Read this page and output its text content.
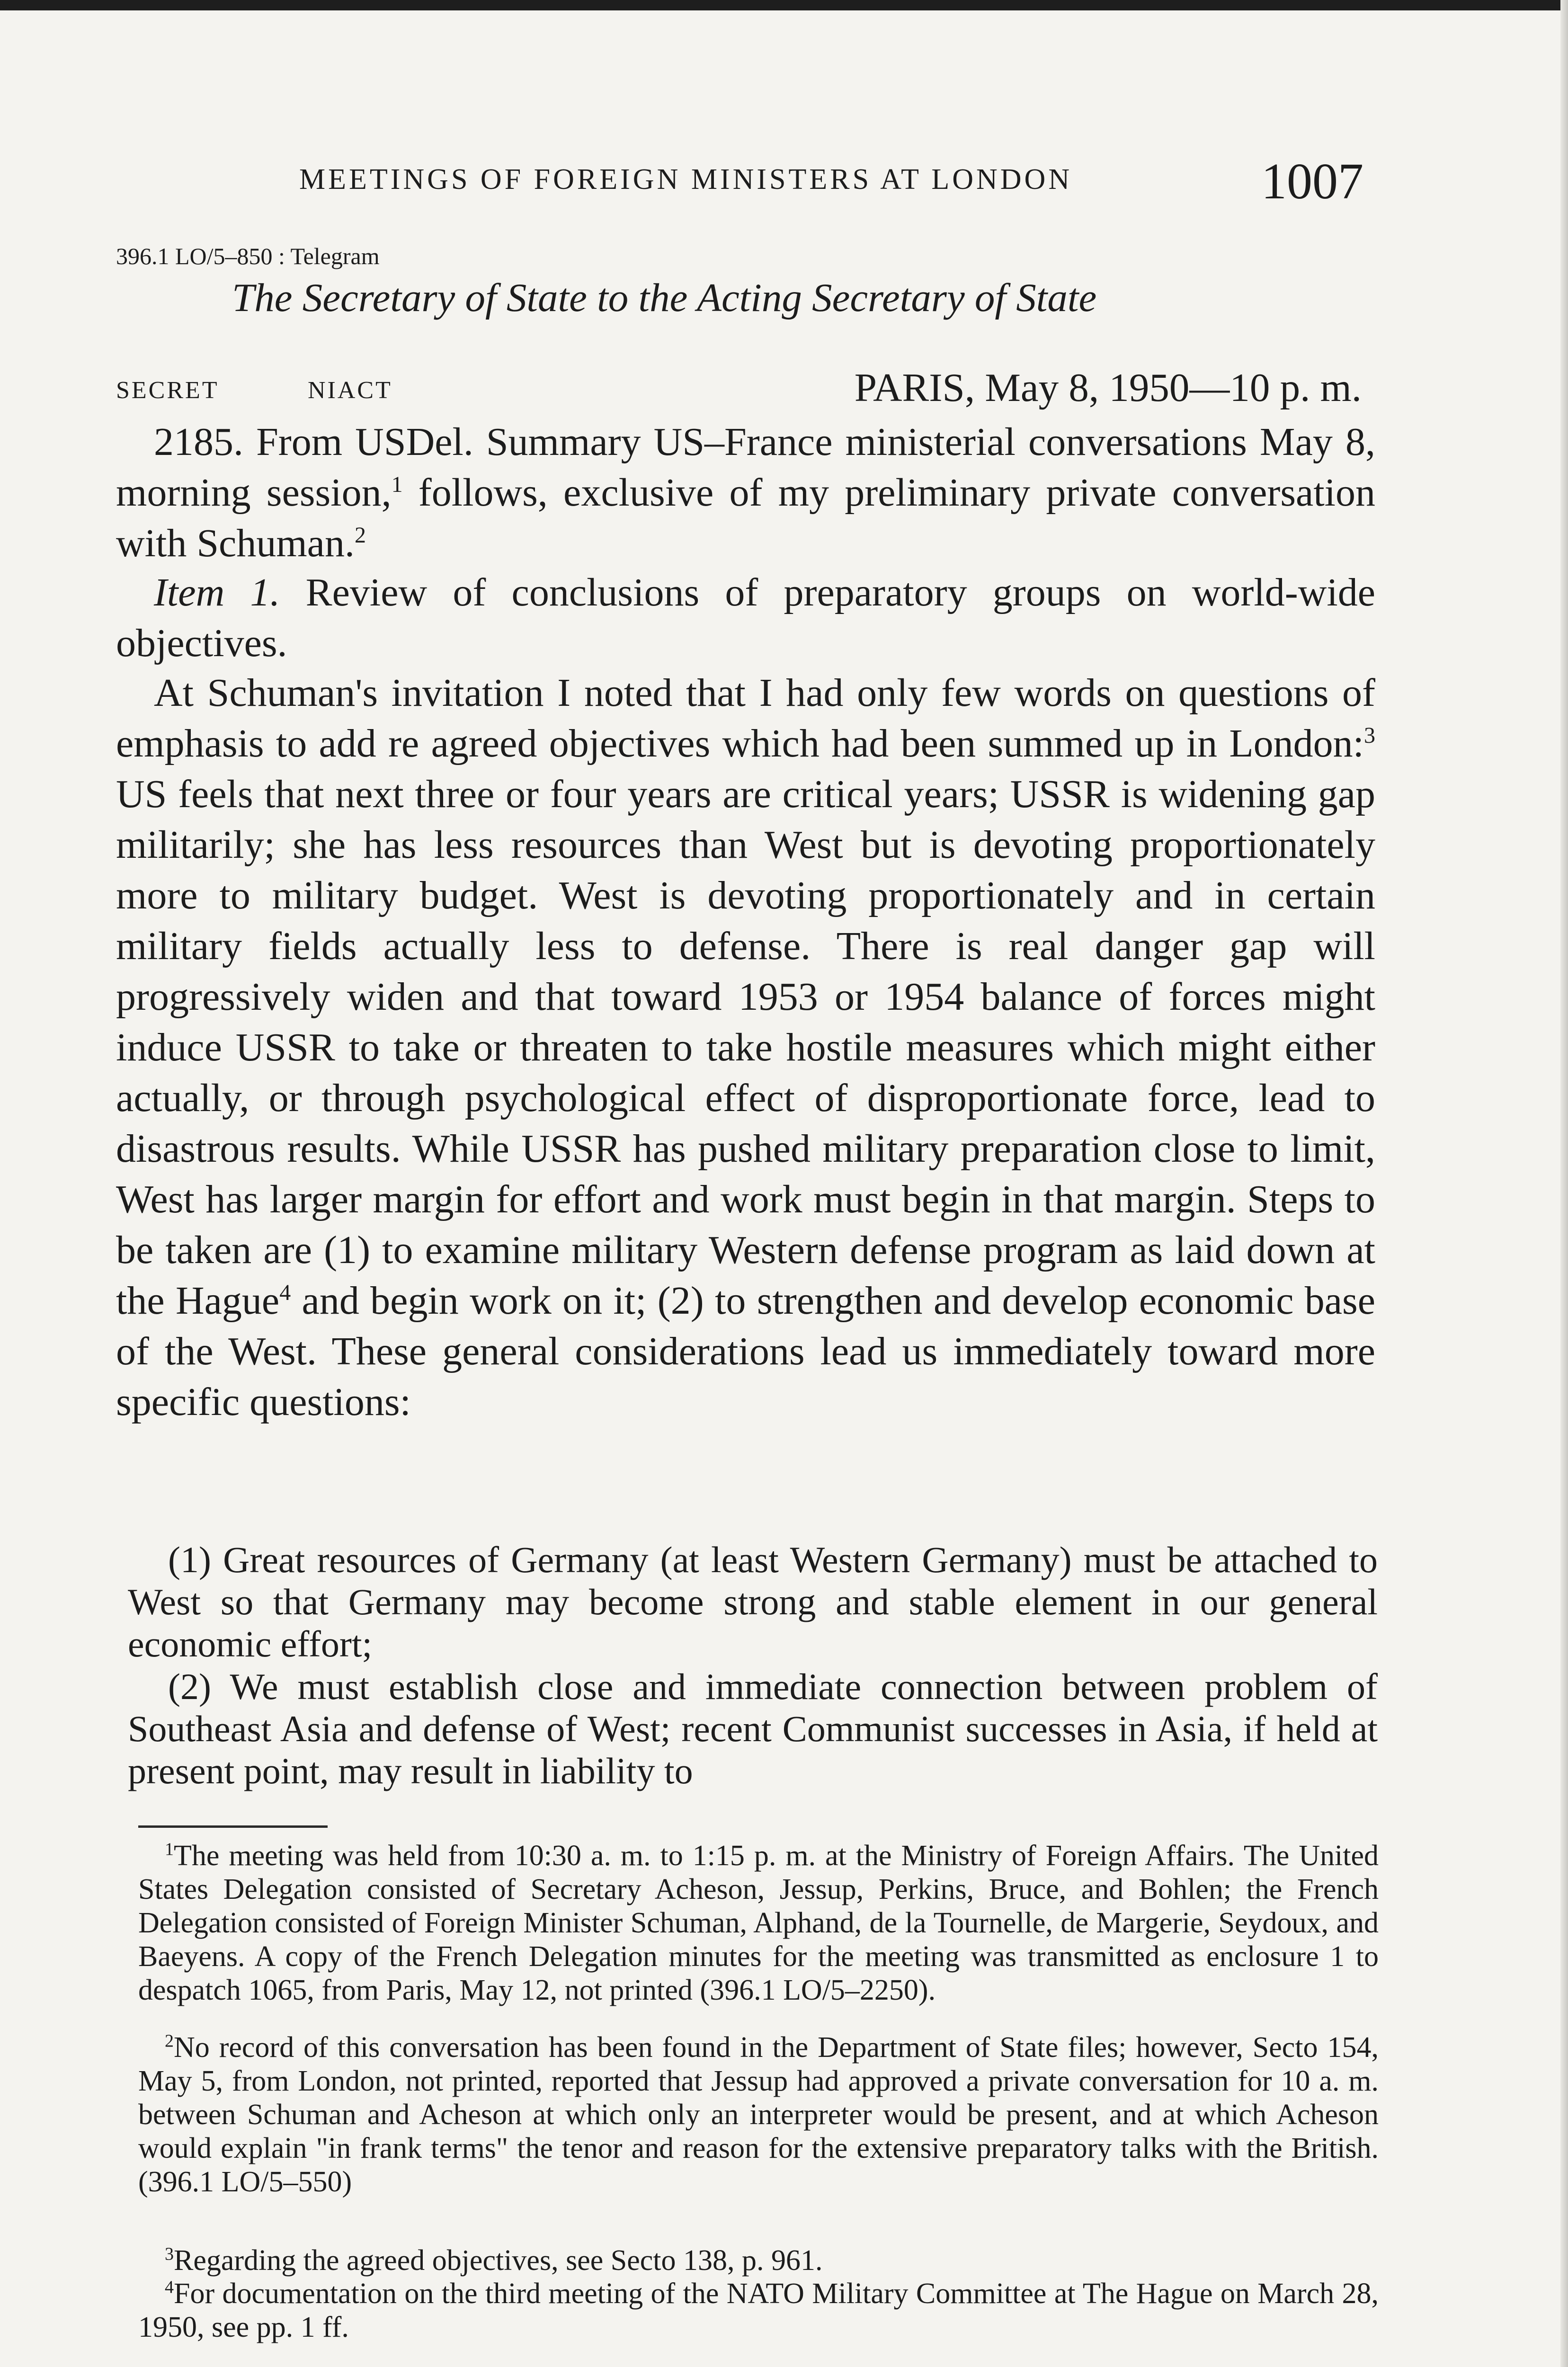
MEETINGS OF FOREIGN MINISTERS AT LONDON	1007
396.1 LO/5–850 : Telegram
The Secretary of State to the Acting Secretary of State
SECRET	NIACT	PARIS, May 8, 1950—10 p. m.

2185. From USDel. Summary US–France ministerial conversations May 8, morning session,$^1$ follows, exclusive of my preliminary private conversation with Schuman.$^2$

Item 1. Review of conclusions of preparatory groups on world-wide objectives.

At Schuman's invitation I noted that I had only few words on questions of emphasis to add re agreed objectives which had been summed up in London:$^3$ US feels that next three or four years are critical years; USSR is widening gap militarily; she has less resources than West but is devoting proportionately more to military budget. West is devoting proportionately and in certain military fields actually less to defense. There is real danger gap will progressively widen and that toward 1953 or 1954 balance of forces might induce USSR to take or threaten to take hostile measures which might either actually, or through psychological effect of disproportionate force, lead to disastrous results. While USSR has pushed military preparation close to limit, West has larger margin for effort and work must begin in that margin. Steps to be taken are (1) to examine military Western defense program as laid down at the Hague$^4$ and begin work on it; (2) to strengthen and develop economic base of the West. These general considerations lead us immediately toward more specific questions:

(1) Great resources of Germany (at least Western Germany) must be attached to West so that Germany may become strong and stable element in our general economic effort;

(2) We must establish close and immediate connection between problem of Southeast Asia and defense of West; recent Communist successes in Asia, if held at present point, may result in liability to

$^1$The meeting was held from 10:30 a. m. to 1:15 p. m. at the Ministry of Foreign Affairs. The United States Delegation consisted of Secretary Acheson, Jessup, Perkins, Bruce, and Bohlen; the French Delegation consisted of Foreign Minister Schuman, Alphand, de la Tournelle, de Margerie, Seydoux, and Baeyens. A copy of the French Delegation minutes for the meeting was transmitted as enclosure 1 to despatch 1065, from Paris, May 12, not printed (396.1 LO/5–2250).

$^2$No record of this conversation has been found in the Department of State files; however, Secto 154, May 5, from London, not printed, reported that Jessup had approved a private conversation for 10 a. m. between Schuman and Acheson at which only an interpreter would be present, and at which Acheson would explain "in frank terms" the tenor and reason for the extensive preparatory talks with the British. (396.1 LO/5–550)

$^3$Regarding the agreed objectives, see Secto 138, p. 961.

$^4$For documentation on the third meeting of the NATO Military Committee at The Hague on March 28, 1950, see pp. 1 ff.
